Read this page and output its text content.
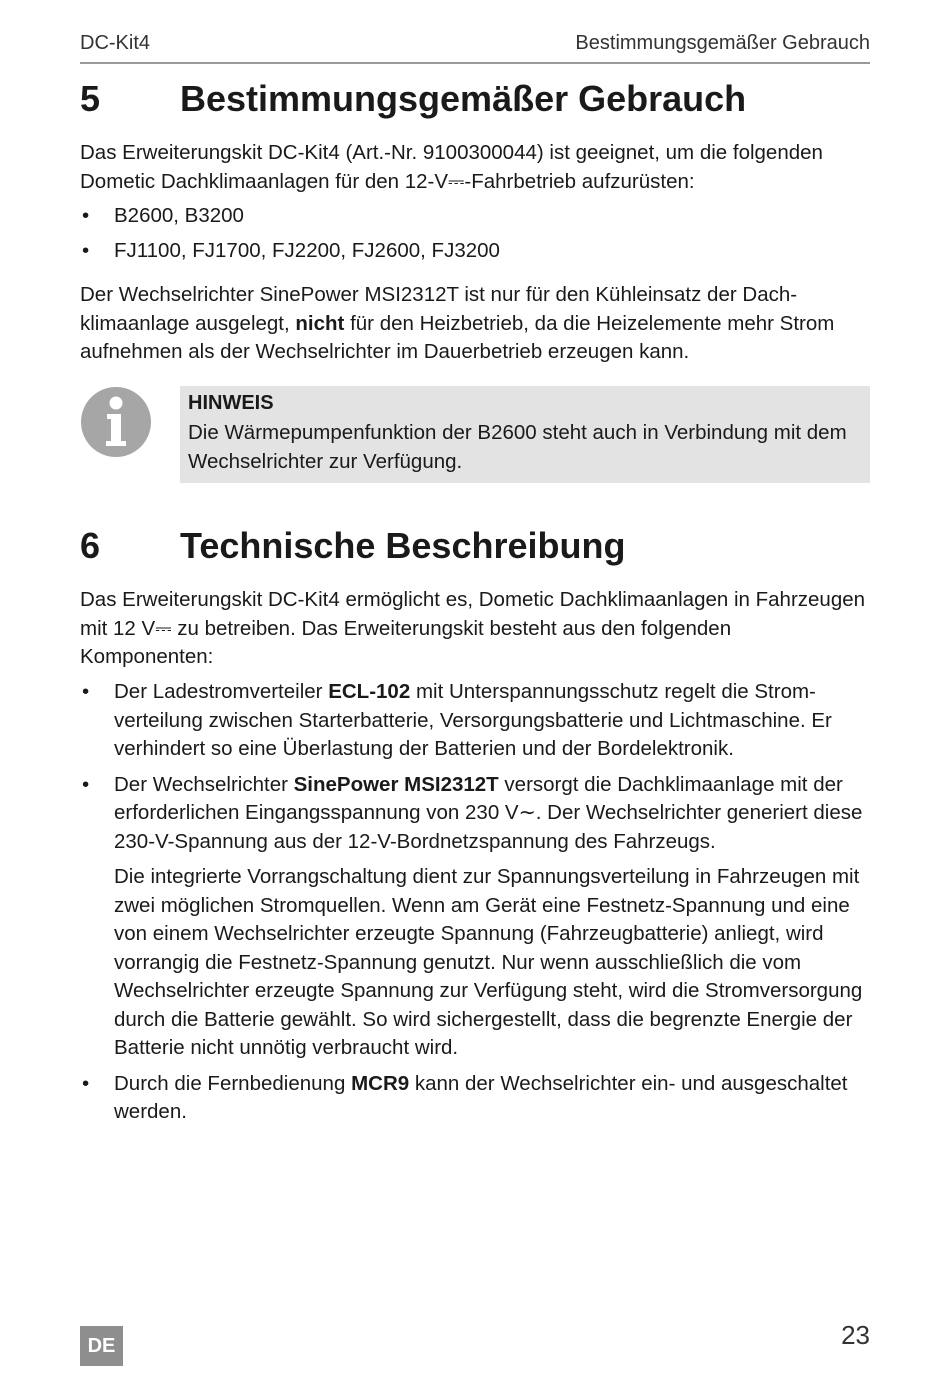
DC-Kit4	Bestimmungsgemäßer Gebrauch
5 Bestimmungsgemäßer Gebrauch

Das Erweiterungskit DC-Kit4 (Art.-Nr. 9100300044) ist geeignet, um die folgenden Dometic Dachklimaanlagen für den 12-V⎓-Fahrbetrieb aufzurüsten:

• B2600, B3200
• FJ1100, FJ1700, FJ2200, FJ2600, FJ3200

Der Wechselrichter SinePower MSI2312T ist nur für den Kühleinsatz der Dachklimaanlage ausgelegt, nicht für den Heizbetrieb, da die Heizelemente mehr Strom aufnehmen als der Wechselrichter im Dauerbetrieb erzeugen kann.

HINWEIS

Die Wärmepumpenfunktion der B2600 steht auch in Verbindung mit dem Wechselrichter zur Verfügung.

6 Technische Beschreibung

Das Erweiterungskit DC-Kit4 ermöglicht es, Dometic Dachklimaanlagen in Fahrzeugen mit 12 V⎓ zu betreiben. Das Erweiterungskit besteht aus den folgenden Komponenten:

• Der Ladestromverteiler ECL-102 mit Unterspannungsschutz regelt die Stromverteilung zwischen Starterbatterie, Versorgungsbatterie und Lichtmaschine. Er verhindert so eine Überlastung der Batterien und der Bordelektronik.
• Der Wechselrichter SinePower MSI2312T versorgt die Dachklimaanlage mit der erforderlichen Eingangsspannung von 230 V∼. Der Wechselrichter generiert diese 230-V-Spannung aus der 12-V-Bordnetzspannung des Fahrzeugs.
Die integrierte Vorrangschaltung dient zur Spannungsverteilung in Fahrzeugen mit zwei möglichen Stromquellen. Wenn am Gerät eine Festnetz-Spannung und eine von einem Wechselrichter erzeugte Spannung (Fahrzeugbatterie) anliegt, wird vorrangig die Festnetz-Spannung genutzt. Nur wenn ausschließlich die vom Wechselrichter erzeugte Spannung zur Verfügung steht, wird die Stromversorgung durch die Batterie gewählt. So wird sichergestellt, dass die begrenzte Energie der Batterie nicht unnötig verbraucht wird.
• Durch die Fernbedienung MCR9 kann der Wechselrichter ein- und ausgeschaltet werden.
DE	23
